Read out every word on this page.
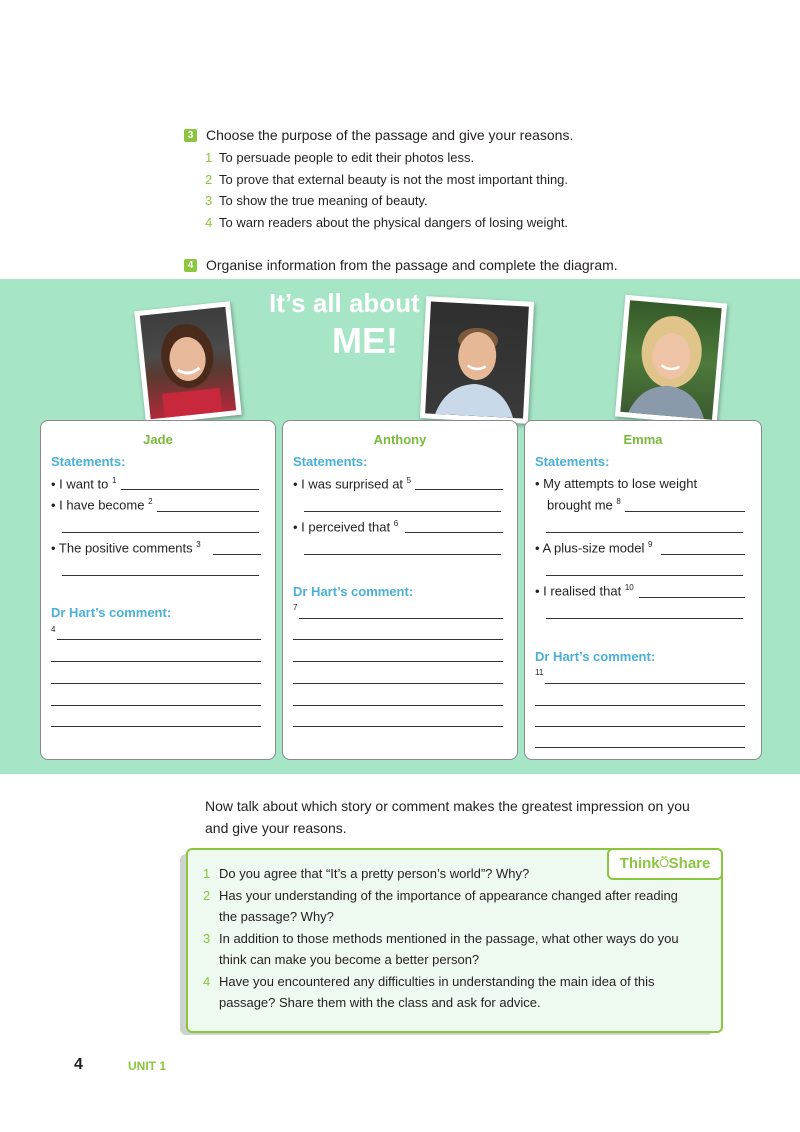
3 Choose the purpose of the passage and give your reasons.
1 To persuade people to edit their photos less.
2 To prove that external beauty is not the most important thing.
3 To show the true meaning of beauty.
4 To warn readers about the physical dangers of losing weight.
4 Organise information from the passage and complete the diagram.
It’s all about
ME!
Jade
Statements:
• I want to $^1$
• I have become $^2$
• The positive comments $^3$
Dr Hart’s comment:
4
Anthony
Statements:
• I was surprised at $^5$
• I perceived that $^6$
Dr Hart’s comment:
7
Emma
Statements:
• My attempts to lose weight
brought me $^8$
• A plus-size model $^9$
• I realised that $^{10}$
Dr Hart’s comment:
11
Now talk about which story or comment makes the greatest impression on you
and give your reasons.
1 Do you agree that “It’s a pretty person’s world”? Why?
2 Has your understanding of the importance of appearance changed after reading
the passage? Why?
3 In addition to those methods mentioned in the passage, what other ways do you
think can make you become a better person?
4 Have you encountered any difficulties in understanding the main idea of this
passage? Share them with the class and ask for advice.
Think⍥Share
4	UNIT 1
